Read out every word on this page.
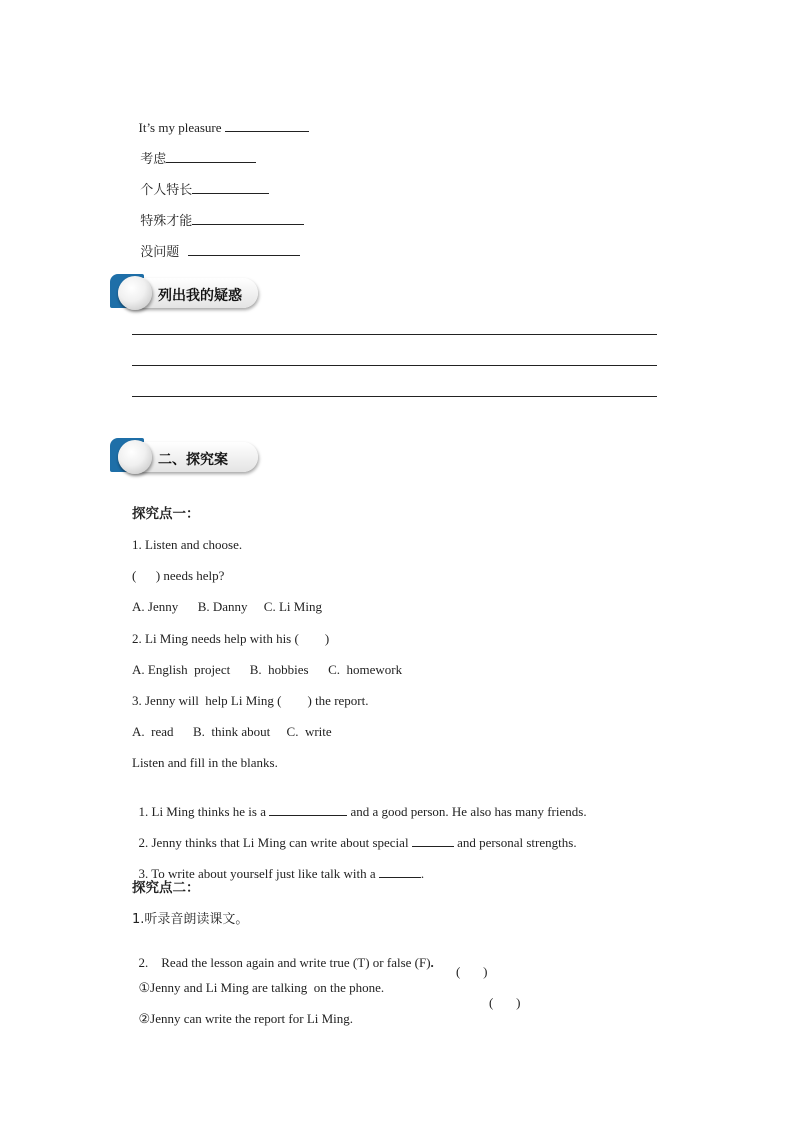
It’s my pleasure

考虑

个人特长

特殊才能

没问题

列出我的疑惑
二、探究案
探究点一：
1. Listen and choose.
(      ) needs help?
A. Jenny      B. Danny     C. Li Ming
2. Li Ming needs help with his (        )
A. English  project      B.  hobbies      C.  homework
3. Jenny will  help Li Ming (        ) the report.
A.  read      B.  think about     C.  write
Listen and fill in the blanks.

1. Li Ming thinks he is a	and a good person. He also has many friends.

2. Jenny thinks that Li Ming can write about special	and personal strengths.

3. To write about yourself just like talk with a	.

探究点二：
1.听录音朗读课文。

2.    Read the lesson again and write true (T) or false (F).

①Jenny and Li Ming are talking  on the phone.

(       )

②Jenny can write the report for Li Ming.

(       )
